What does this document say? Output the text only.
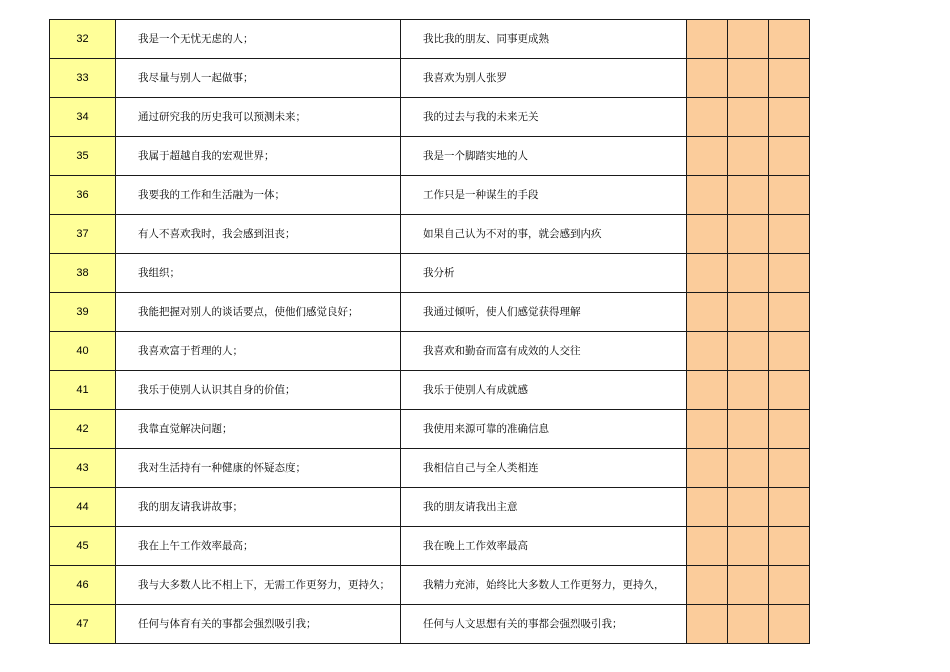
32	我是一个无忧无虑的人；	我比我的朋友、同事更成熟			
33	我尽量与别人一起做事；	我喜欢为别人张罗			
34	通过研究我的历史我可以预测未来；	我的过去与我的未来无关			
35	我属于超越自我的宏观世界；	我是一个脚踏实地的人			
36	我要我的工作和生活融为一体；	工作只是一种谋生的手段			
37	有人不喜欢我时，我会感到沮丧；	如果自己认为不对的事，就会感到内疚			
38	我组织；	我分析			
39	我能把握对别人的谈话要点，使他们感觉良好；	我通过倾听，使人们感觉获得理解			
40	我喜欢富于哲理的人；	我喜欢和勤奋而富有成效的人交往			
41	我乐于使别人认识其自身的价值；	我乐于使别人有成就感			
42	我靠直觉解决问题；	我使用来源可靠的准确信息			
43	我对生活持有一种健康的怀疑态度；	我相信自己与全人类相连			
44	我的朋友请我讲故事；	我的朋友请我出主意			
45	我在上午工作效率最高；	我在晚上工作效率最高			
46	我与大多数人比不相上下，无需工作更努力，更持久；	我精力充沛，始终比大多数人工作更努力，更持久，			
47	任何与体育有关的事都会强烈吸引我；	任何与人文思想有关的事都会强烈吸引我；			
